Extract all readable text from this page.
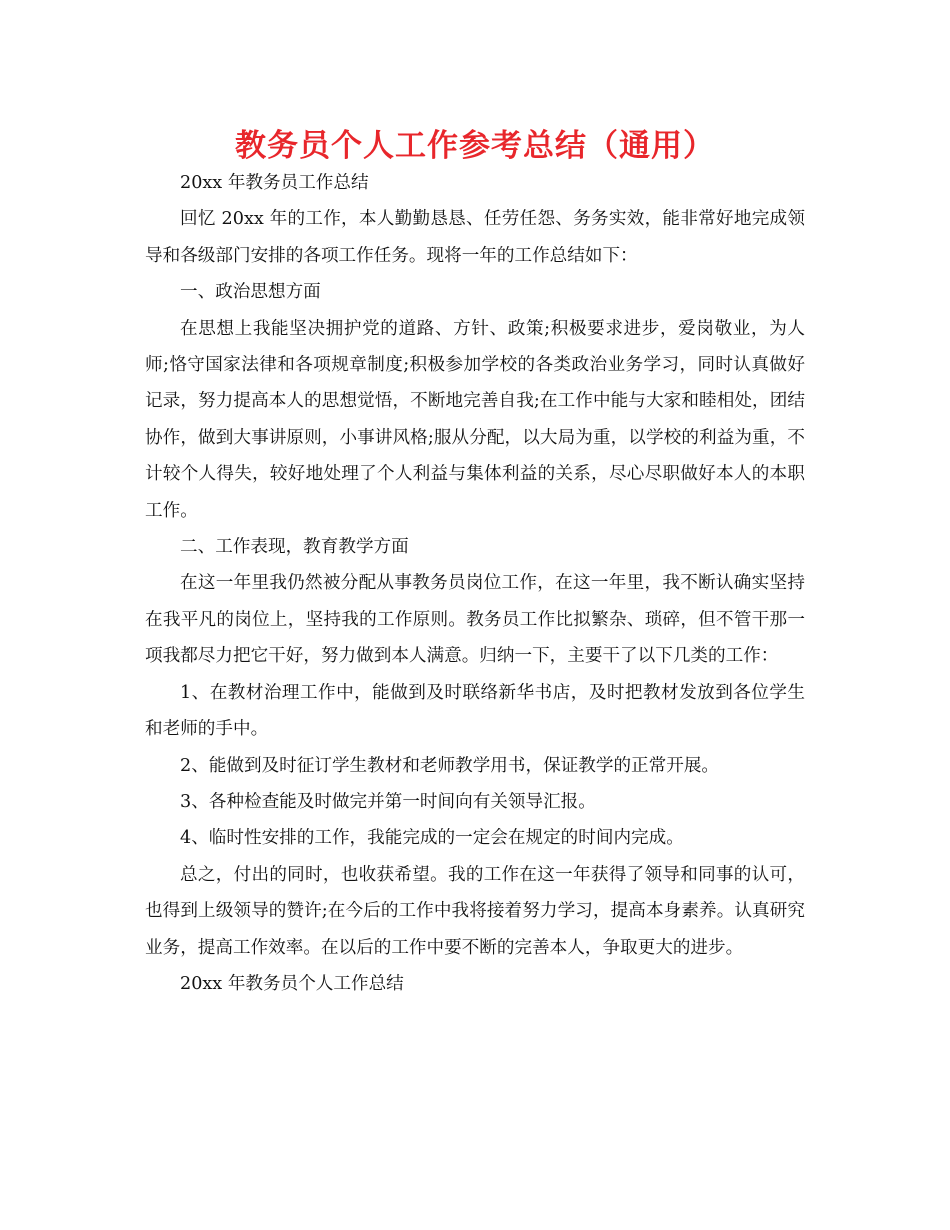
教务员个人工作参考总结（通用）

20xx 年教务员工作总结

回忆 20xx 年的工作，本人勤勤恳恳、任劳任怨、务务实效，能非常好地完成领导和各级部门安排的各项工作任务。现将一年的工作总结如下：

一、政治思想方面

在思想上我能坚决拥护党的道路、方针、政策;积极要求进步，爱岗敬业，为人师;恪守国家法律和各项规章制度;积极参加学校的各类政治业务学习，同时认真做好记录，努力提高本人的思想觉悟，不断地完善自我;在工作中能与大家和睦相处，团结协作，做到大事讲原则，小事讲风格;服从分配，以大局为重，以学校的利益为重，不计较个人得失，较好地处理了个人利益与集体利益的关系，尽心尽职做好本人的本职工作。

二、工作表现，教育教学方面

在这一年里我仍然被分配从事教务员岗位工作，在这一年里，我不断认确实坚持在我平凡的岗位上，坚持我的工作原则。教务员工作比拟繁杂、琐碎，但不管干那一项我都尽力把它干好，努力做到本人满意。归纳一下，主要干了以下几类的工作：

1、在教材治理工作中，能做到及时联络新华书店，及时把教材发放到各位学生和老师的手中。

2、能做到及时征订学生教材和老师教学用书，保证教学的正常开展。

3、各种检查能及时做完并第一时间向有关领导汇报。

4、临时性安排的工作，我能完成的一定会在规定的时间内完成。

总之，付出的同时，也收获希望。我的工作在这一年获得了领导和同事的认可，也得到上级领导的赞许;在今后的工作中我将接着努力学习，提高本身素养。认真研究业务，提高工作效率。在以后的工作中要不断的完善本人，争取更大的进步。

20xx 年教务员个人工作总结
